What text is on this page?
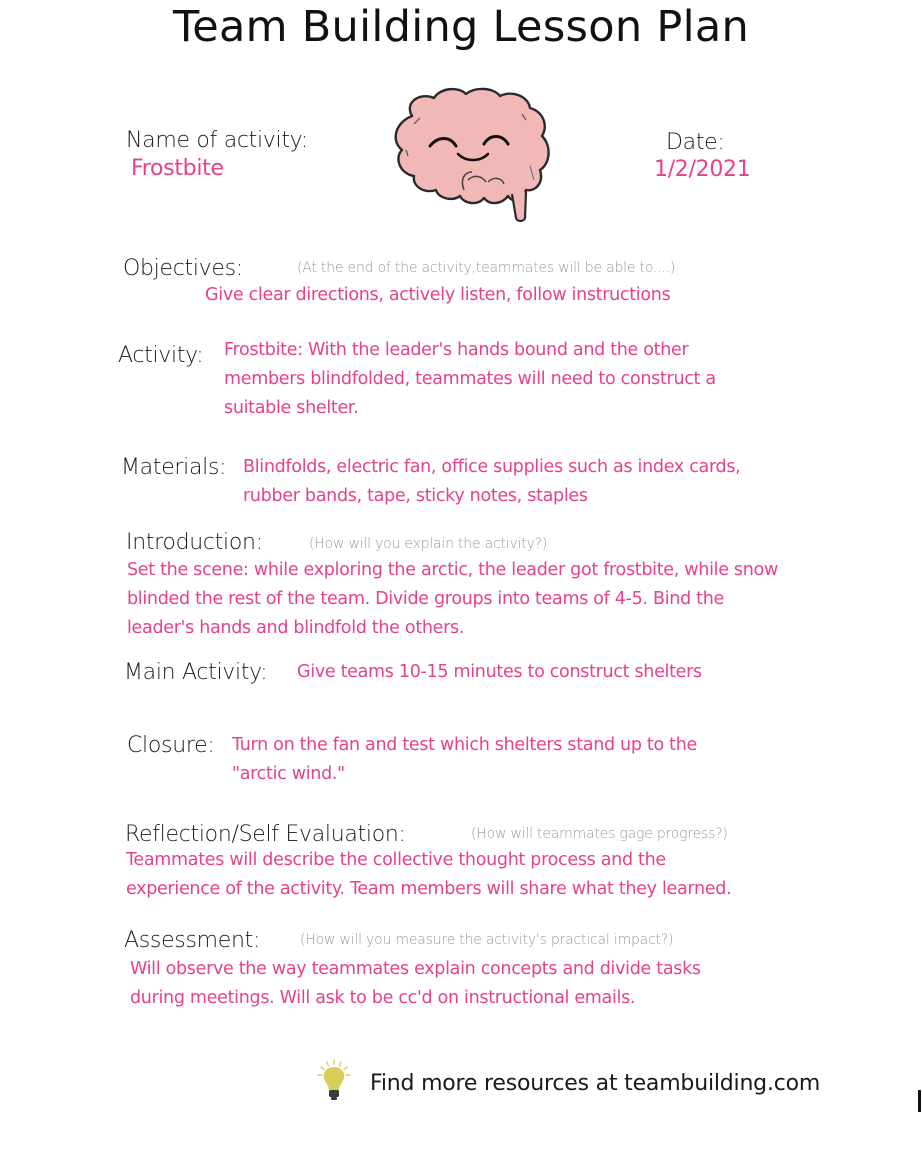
Team Building Lesson Plan
Name of activity:
Frostbite
Date:
1/2/2021
Objectives:	(At the end of the activity,teammates will be able to....)
Give clear directions, actively listen, follow instructions
Activity: Frostbite: With the leader's hands bound and the other
members blindfolded, teammates will need to construct a
suitable shelter.
Materials: Blindfolds, electric fan, office supplies such as index cards,
rubber bands, tape, sticky notes, staples
Introduction:	(How will you explain the activity?)
Set the scene: while exploring the arctic, the leader got frostbite, while snow
blinded the rest of the team. Divide groups into teams of 4-5. Bind the
leader's hands and blindfold the others.
Main Activity: Give teams 10-15 minutes to construct shelters
Closure: Turn on the fan and test which shelters stand up to the
"arctic wind."
Reflection/Self Evaluation:	(How will teammates gage progress?)
Teammates will describe the collective thought process and the
experience of the activity. Team members will share what they learned.
Assessment:	(How will you measure the activity's practical impact?)
Will observe the way teammates explain concepts and divide tasks
during meetings. Will ask to be cc'd on instructional emails.
Find more resources at teambuilding.com
